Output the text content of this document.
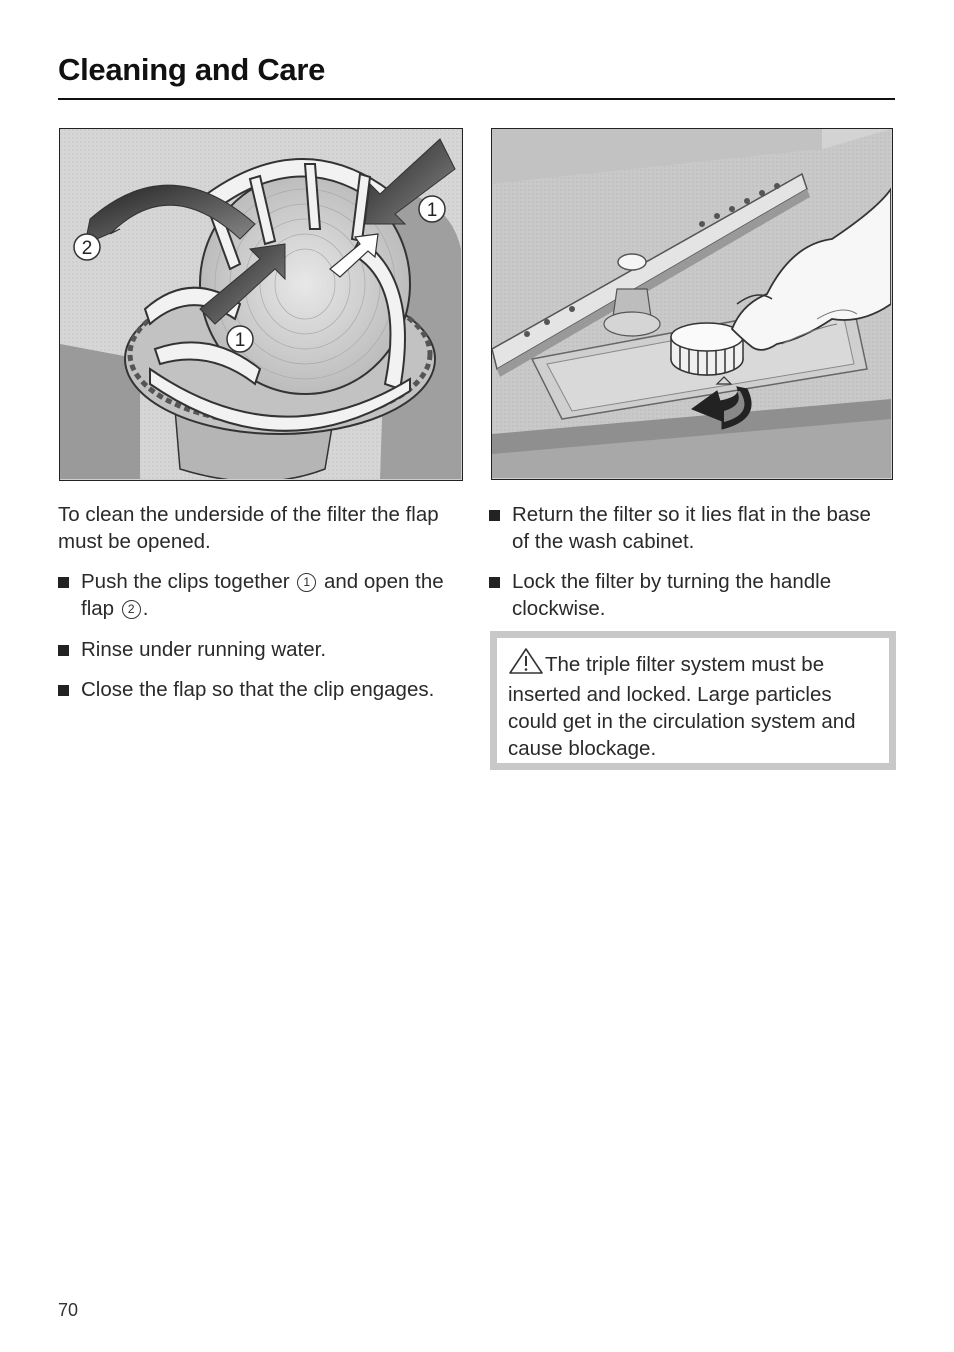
Cleaning and Care
1
2
1
To clean the underside of the filter the flap must be opened.
Push the clips together 1 and open the flap 2 .
Rinse under running water.
Close the flap so that the clip engages.
Return the filter so it lies flat in the base of the wash cabinet.
Lock the filter by turning the handle clockwise.
The triple filter system must be inserted and locked. Large particles could get in the circulation system and cause blockage.
70
